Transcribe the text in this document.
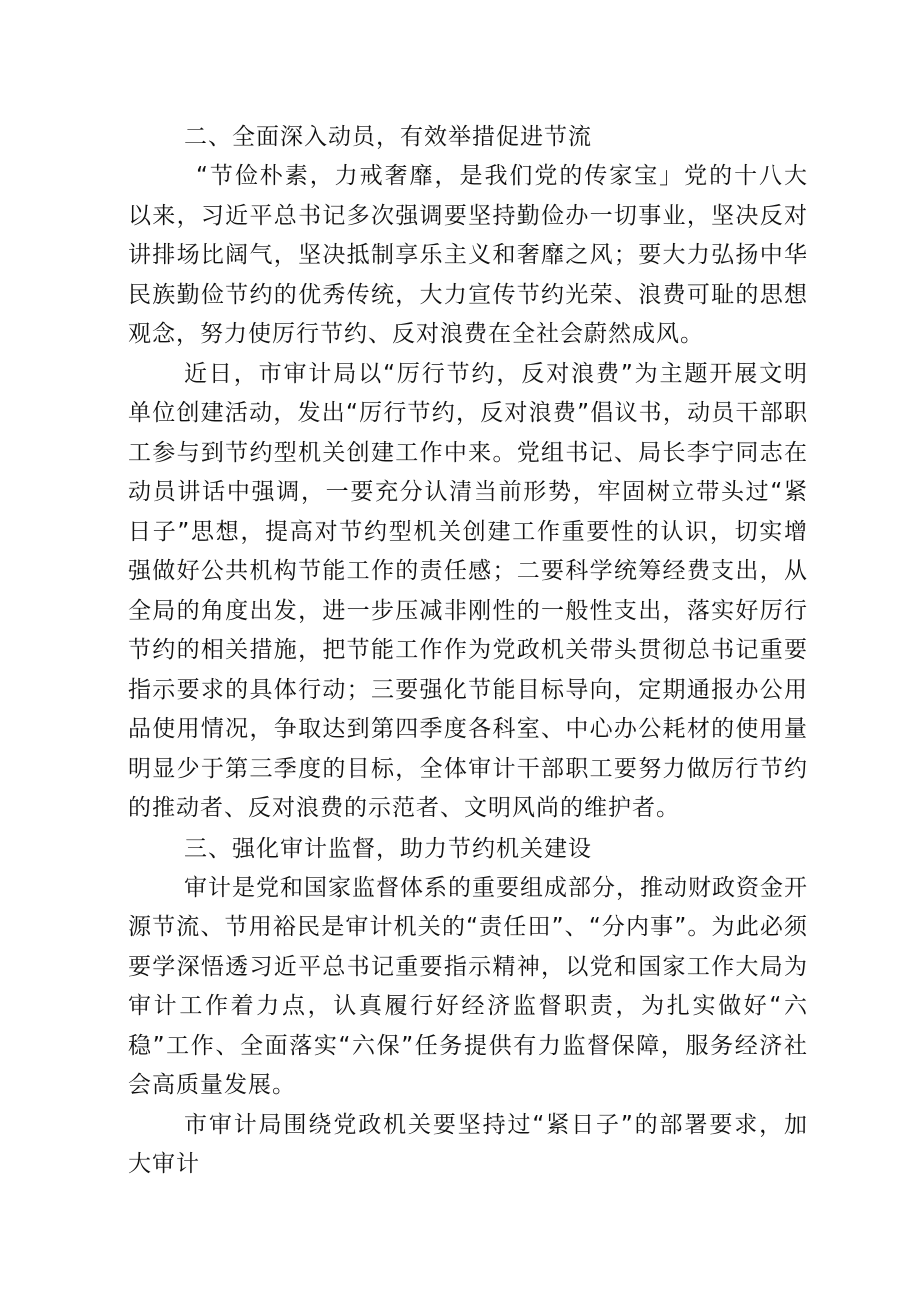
二、全面深入动员，有效举措促进节流

“节俭朴素，力戒奢靡，是我们党的传家宝」党的十八大以来，习近平总书记多次强调要坚持勤俭办一切事业，坚决反对讲排场比阔气，坚决抵制享乐主义和奢靡之风；要大力弘扬中华民族勤俭节约的优秀传统，大力宣传节约光荣、浪费可耻的思想观念，努力使厉行节约、反对浪费在全社会蔚然成风。

近日，市审计局以“厉行节约，反对浪费”为主题开展文明单位创建活动，发出“厉行节约，反对浪费”倡议书，动员干部职工参与到节约型机关创建工作中来。党组书记、局长李宁同志在动员讲话中强调，一要充分认清当前形势，牢固树立带头过“紧日子”思想，提高对节约型机关创建工作重要性的认识，切实增强做好公共机构节能工作的责任感；二要科学统筹经费支出，从全局的角度出发，进一步压减非刚性的一般性支出，落实好厉行节约的相关措施，把节能工作作为党政机关带头贯彻总书记重要指示要求的具体行动；三要强化节能目标导向，定期通报办公用品使用情况，争取达到第四季度各科室、中心办公耗材的使用量明显少于第三季度的目标，全体审计干部职工要努力做厉行节约的推动者、反对浪费的示范者、文明风尚的维护者。

三、强化审计监督，助力节约机关建设

审计是党和国家监督体系的重要组成部分，推动财政资金开源节流、节用裕民是审计机关的“责任田”、“分内事”。为此必须要学深悟透习近平总书记重要指示精神，以党和国家工作大局为审计工作着力点，认真履行好经济监督职责，为扎实做好“六稳”工作、全面落实“六保”任务提供有力监督保障，服务经济社会高质量发展。

市审计局围绕党政机关要坚持过“紧日子”的部署要求，加大审计
